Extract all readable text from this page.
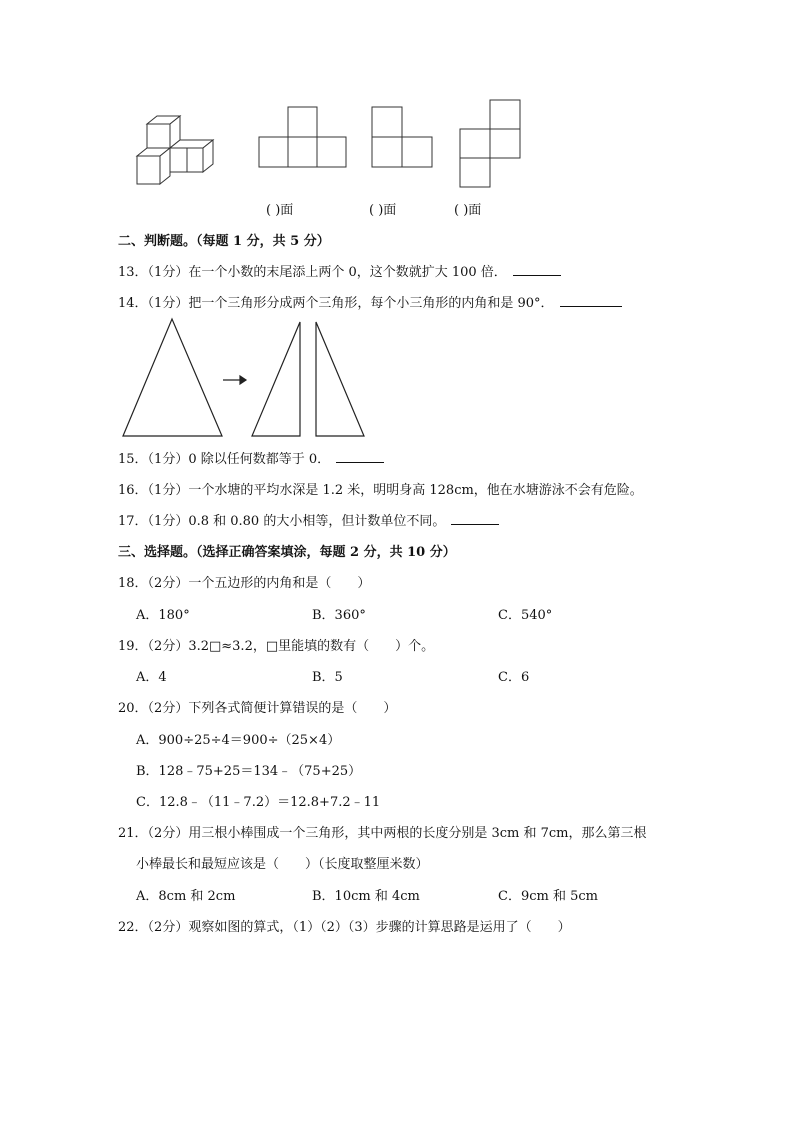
( )面	( )面	( )面
二、判断题。（每题 1 分，共 5 分）
13．（1分）在一个小数的末尾添上两个 0，这个数就扩大 100 倍．
14．（1分）把一个三角形分成两个三角形，每个小三角形的内角和是 90°．
15．（1分）0 除以任何数都等于 0．
16．（1分）一个水塘的平均水深是 1.2 米，明明身高 128cm，他在水塘游泳不会有危险。
17．（1分）0.8 和 0.80 的大小相等，但计数单位不同。
三、选择题。（选择正确答案填涂，每题 2 分，共 10 分）
18．（2分）一个五边形的内角和是（　　）
A．180°	B．360°	C．540°
19．（2分）3.2□≈3.2，□里能填的数有（　　）个。
A．4	B．5	C．6
20．（2分）下列各式简便计算错误的是（　　）
A．900÷25÷4＝900÷（25×4）
B．128﹣75+25＝134﹣（75+25）
C．12.8﹣（11﹣7.2）＝12.8+7.2﹣11
21．（2分）用三根小棒围成一个三角形，其中两根的长度分别是 3cm 和 7cm，那么第三根
小棒最长和最短应该是（　　）（长度取整厘米数）
A．8cm 和 2cm	B．10cm 和 4cm	C．9cm 和 5cm
22．（2分）观察如图的算式，（1）（2）（3）步骤的计算思路是运用了（　　）
